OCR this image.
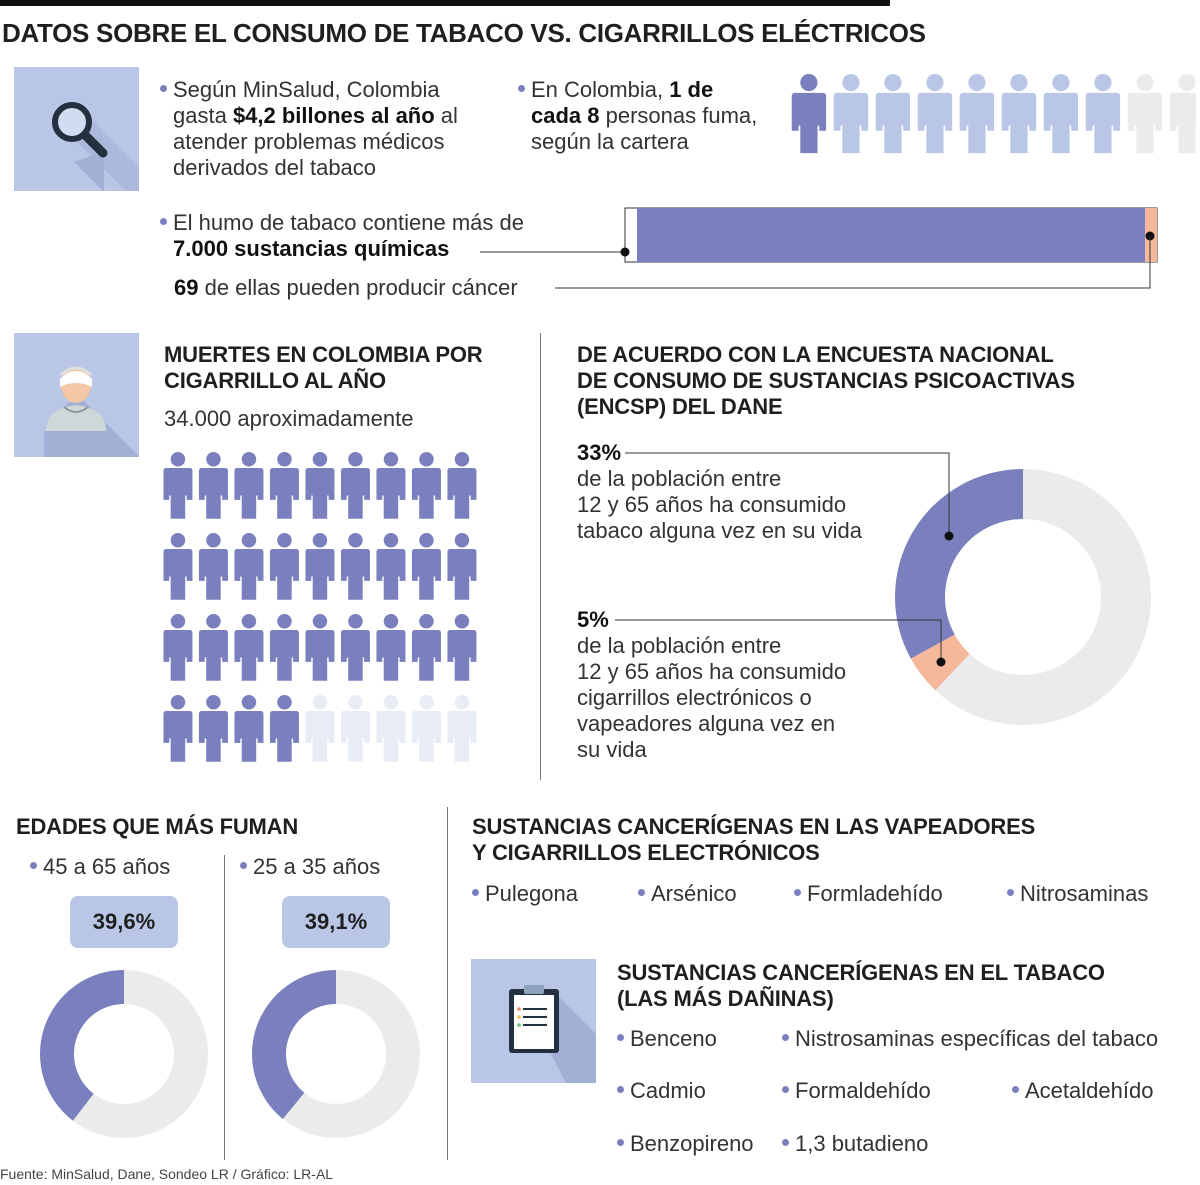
DATOS SOBRE EL CONSUMO DE TABACO VS. CIGARRILLOS ELÉCTRICOS
Según MinSalud, Colombia
gasta $4,2 billones al año al
atender problemas médicos
derivados del tabaco
En Colombia, 1 de
cada 8 personas fuma,
según la cartera
El humo de tabaco contiene más de
7.000 sustancias químicas
69 de ellas pueden producir cáncer
MUERTES EN COLOMBIA POR
CIGARRILLO AL AÑO
34.000 aproximadamente
DE ACUERDO CON LA ENCUESTA NACIONAL
DE CONSUMO DE SUSTANCIAS PSICOACTIVAS
(ENCSP) DEL DANE
33%
de la población entre
12 y 65 años ha consumido
tabaco alguna vez en su vida
5%
de la población entre
12 y 65 años ha consumido
cigarrillos electrónicos o
vapeadores alguna vez en
su vida
EDADES QUE MÁS FUMAN
45 a 65 años	25 a 35 años
39,6%	39,1%
SUSTANCIAS CANCERÍGENAS EN LAS VAPEADORES
Y CIGARRILLOS ELECTRÓNICOS
Pulegona	Arsénico	Formladehído	Nitrosaminas
SUSTANCIAS CANCERÍGENAS EN EL TABACO
(LAS MÁS DAÑINAS)
Benceno	Nistrosaminas específicas del tabaco
Cadmio	Formaldehído	Acetaldehído
Benzopireno	1,3 butadieno
Fuente: MinSalud, Dane, Sondeo LR / Gráfico: LR-AL
